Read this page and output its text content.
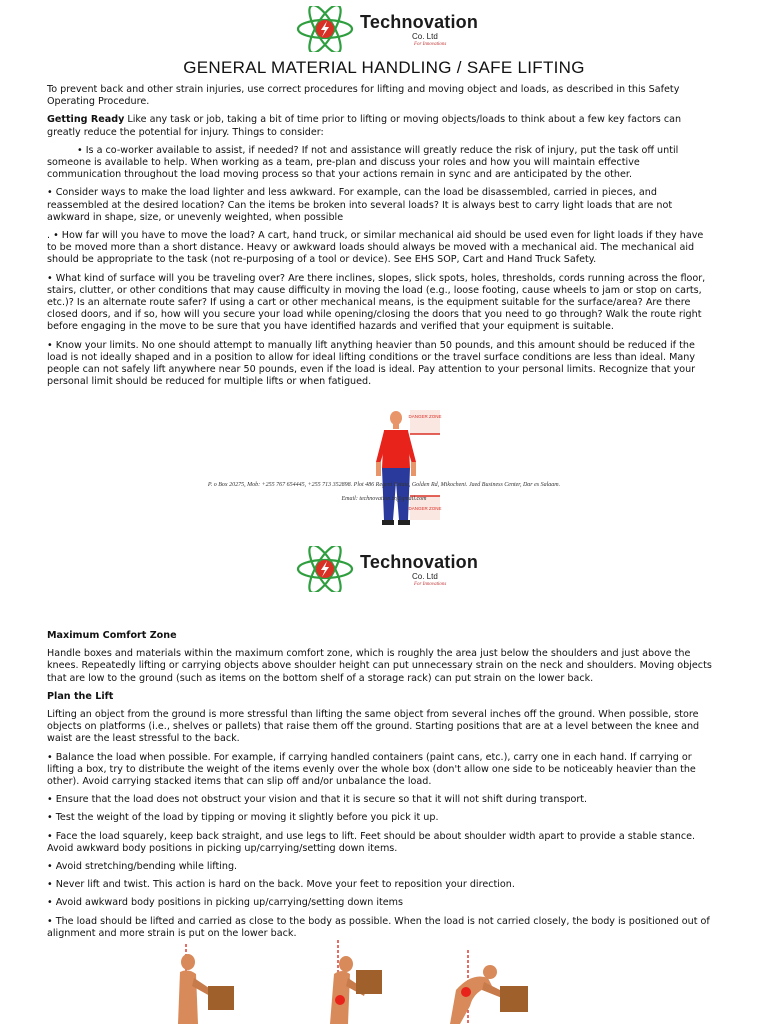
Technovation
Co. Ltd
For Innovations
GENERAL MATERIAL HANDLING / SAFE LIFTING

To prevent back and other strain injuries, use correct procedures for lifting and moving object and loads, as described in this Safety Operating Procedure.

Getting Ready Like any task or job, taking a bit of time prior to lifting or moving objects/loads to think about a few key factors can greatly reduce the potential for injury. Things to consider:

• Is a co-worker available to assist, if needed? If not and assistance will greatly reduce the risk of injury, put the task off until someone is available to help. When working as a team, pre-plan and discuss your roles and how you will maintain effective communication throughout the load moving process so that your actions remain in sync and are anticipated by the other.

• Consider ways to make the load lighter and less awkward. For example, can the load be disassembled, carried in pieces, and reassembled at the desired location? Can the items be broken into several loads? It is always best to carry light loads that are not awkward in shape, size, or unevenly weighted, when possible

. • How far will you have to move the load? A cart, hand truck, or similar mechanical aid should be used even for light loads if they have to be moved more than a short distance. Heavy or awkward loads should always be moved with a mechanical aid. The mechanical aid should be appropriate to the task (not re-purposing of a tool or device). See EHS SOP, Cart and Hand Truck Safety.

• What kind of surface will you be traveling over? Are there inclines, slopes, slick spots, holes, thresholds, cords running across the floor, stairs, clutter, or other conditions that may cause difficulty in moving the load (e.g., loose footing, cause wheels to jam or stop on carts, etc.)? Is an alternate route safer? If using a cart or other mechanical means, is the equipment suitable for the surface/area? Are there closed doors, and if so, how will you secure your load while opening/closing the doors that you need to go through? Walk the route right before engaging in the move to be sure that you have identified hazards and verified that your equipment is suitable.

• Know your limits. No one should attempt to manually lift anything heavier than 50 pounds, and this amount should be reduced if the load is not ideally shaped and in a position to allow for ideal lifting conditions or the travel surface conditions are less than ideal. Many people can not safely lift anywhere near 50 pounds, even if the load is ideal. Pay attention to your personal limits. Recognize that your personal limit should be reduced for multiple lifts or when fatigued.

DANGER ZONE
DANGER ZONE
P. o Box 20275, Mob: +255 767 654445, +255 713 352898. Plot 486 Regent Estate, Golden Rd, Mikocheni. Jaed Business Center, Dar es Salaam.
Email: technovation.tz@gmail.com
Technovation
Co. Ltd
For Innovations

Maximum Comfort Zone

Handle boxes and materials within the maximum comfort zone, which is roughly the area just below the shoulders and just above the knees. Repeatedly lifting or carrying objects above shoulder height can put unnecessary strain on the neck and shoulders. Moving objects that are low to the ground (such as items on the bottom shelf of a storage rack) can put strain on the lower back.

Plan the Lift

Lifting an object from the ground is more stressful than lifting the same object from several inches off the ground. When possible, store objects on platforms (i.e., shelves or pallets) that raise them off the ground. Starting positions that are at a level between the knee and waist are the least stressful to the back.

• Balance the load when possible. For example, if carrying handled containers (paint cans, etc.), carry one in each hand. If carrying or lifting a box, try to distribute the weight of the items evenly over the whole box (don't allow one side to be noticeably heavier than the other). Avoid carrying stacked items that can slip off and/or unbalance the load.

• Ensure that the load does not obstruct your vision and that it is secure so that it will not shift during transport.

• Test the weight of the load by tipping or moving it slightly before you pick it up.

• Face the load squarely, keep back straight, and use legs to lift. Feet should be about shoulder width apart to provide a stable stance. Avoid awkward body positions in picking up/carrying/setting down items.

• Avoid stretching/bending while lifting.

• Never lift and twist. This action is hard on the back. Move your feet to reposition your direction.

• Avoid awkward body positions in picking up/carrying/setting down items

• The load should be lifted and carried as close to the body as possible. When the load is not carried closely, the body is positioned out of alignment and more strain is put on the lower back.
